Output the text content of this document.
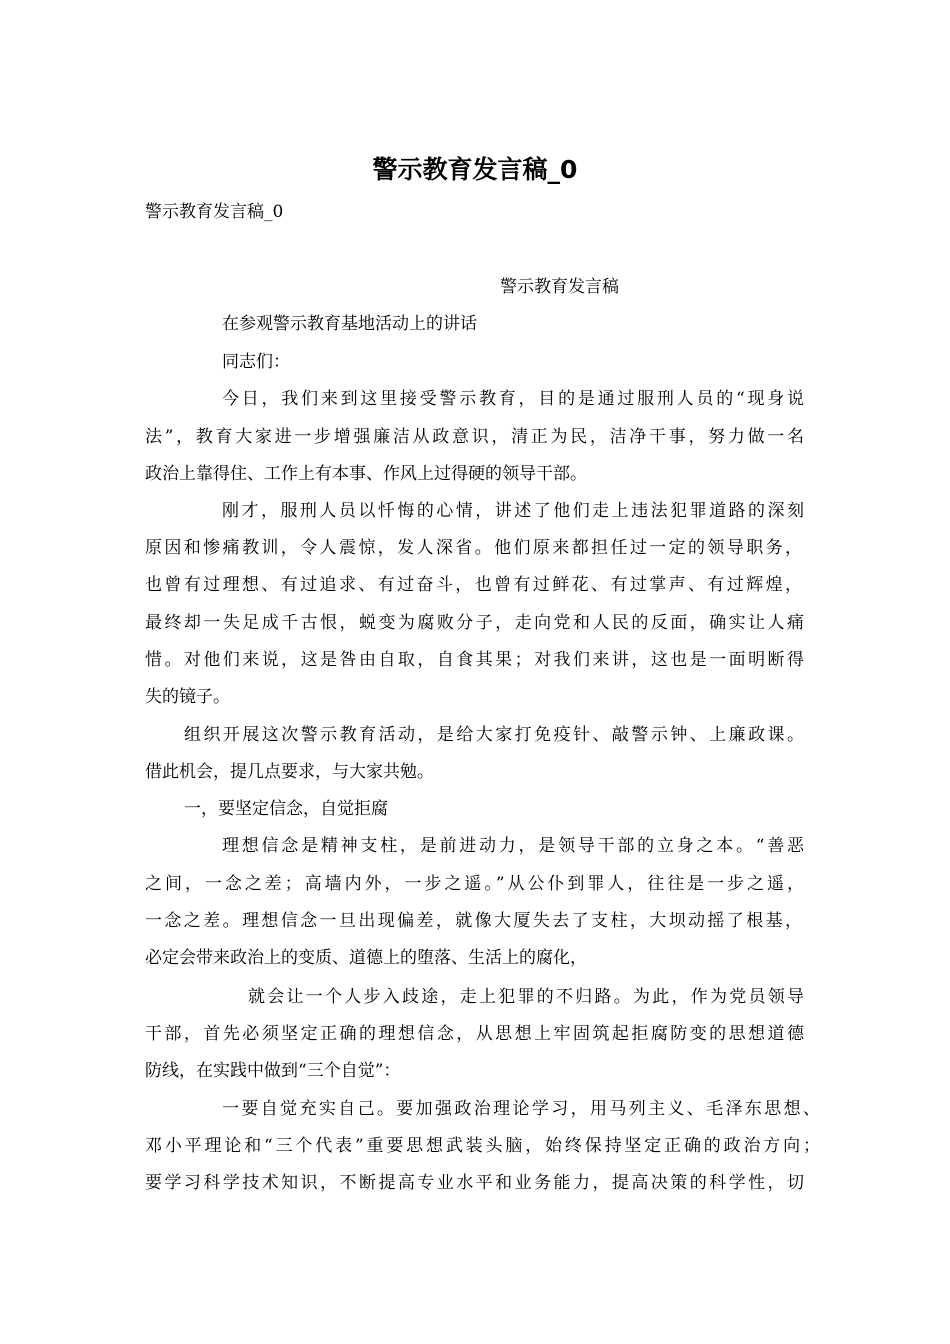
警示教育发言稿_0

警示教育发言稿_0

警示教育发言稿

在参观警示教育基地活动上的讲话

同志们：

今日，我们来到这里接受警示教育，目的是通过服刑人员的“现身说

法”，教育大家进一步增强廉洁从政意识，清正为民，洁净干事，努力做一名

政治上靠得住、工作上有本事、作风上过得硬的领导干部。

刚才，服刑人员以忏悔的心情，讲述了他们走上违法犯罪道路的深刻

原因和惨痛教训，令人震惊，发人深省。他们原来都担任过一定的领导职务，

也曾有过理想、有过追求、有过奋斗，也曾有过鲜花、有过掌声、有过辉煌，

最终却一失足成千古恨，蜕变为腐败分子，走向党和人民的反面，确实让人痛

惜。对他们来说，这是咎由自取，自食其果；对我们来讲，这也是一面明断得

失的镜子。

组织开展这次警示教育活动，是给大家打免疫针、敲警示钟、上廉政课。

借此机会，提几点要求，与大家共勉。

一，要坚定信念，自觉拒腐

理想信念是精神支柱，是前进动力，是领导干部的立身之本。“善恶

之间，一念之差；高墙内外，一步之遥。”从公仆到罪人，往往是一步之遥，

一念之差。理想信念一旦出现偏差，就像大厦失去了支柱，大坝动摇了根基，

必定会带来政治上的变质、道德上的堕落、生活上的腐化，

就会让一个人步入歧途，走上犯罪的不归路。为此，作为党员领导

干部，首先必须坚定正确的理想信念，从思想上牢固筑起拒腐防变的思想道德

防线，在实践中做到“三个自觉”：

一要自觉充实自己。要加强政治理论学习，用马列主义、毛泽东思想、

邓小平理论和“三个代表”重要思想武装头脑，始终保持坚定正确的政治方向；

要学习科学技术知识，不断提高专业水平和业务能力，提高决策的科学性，切
